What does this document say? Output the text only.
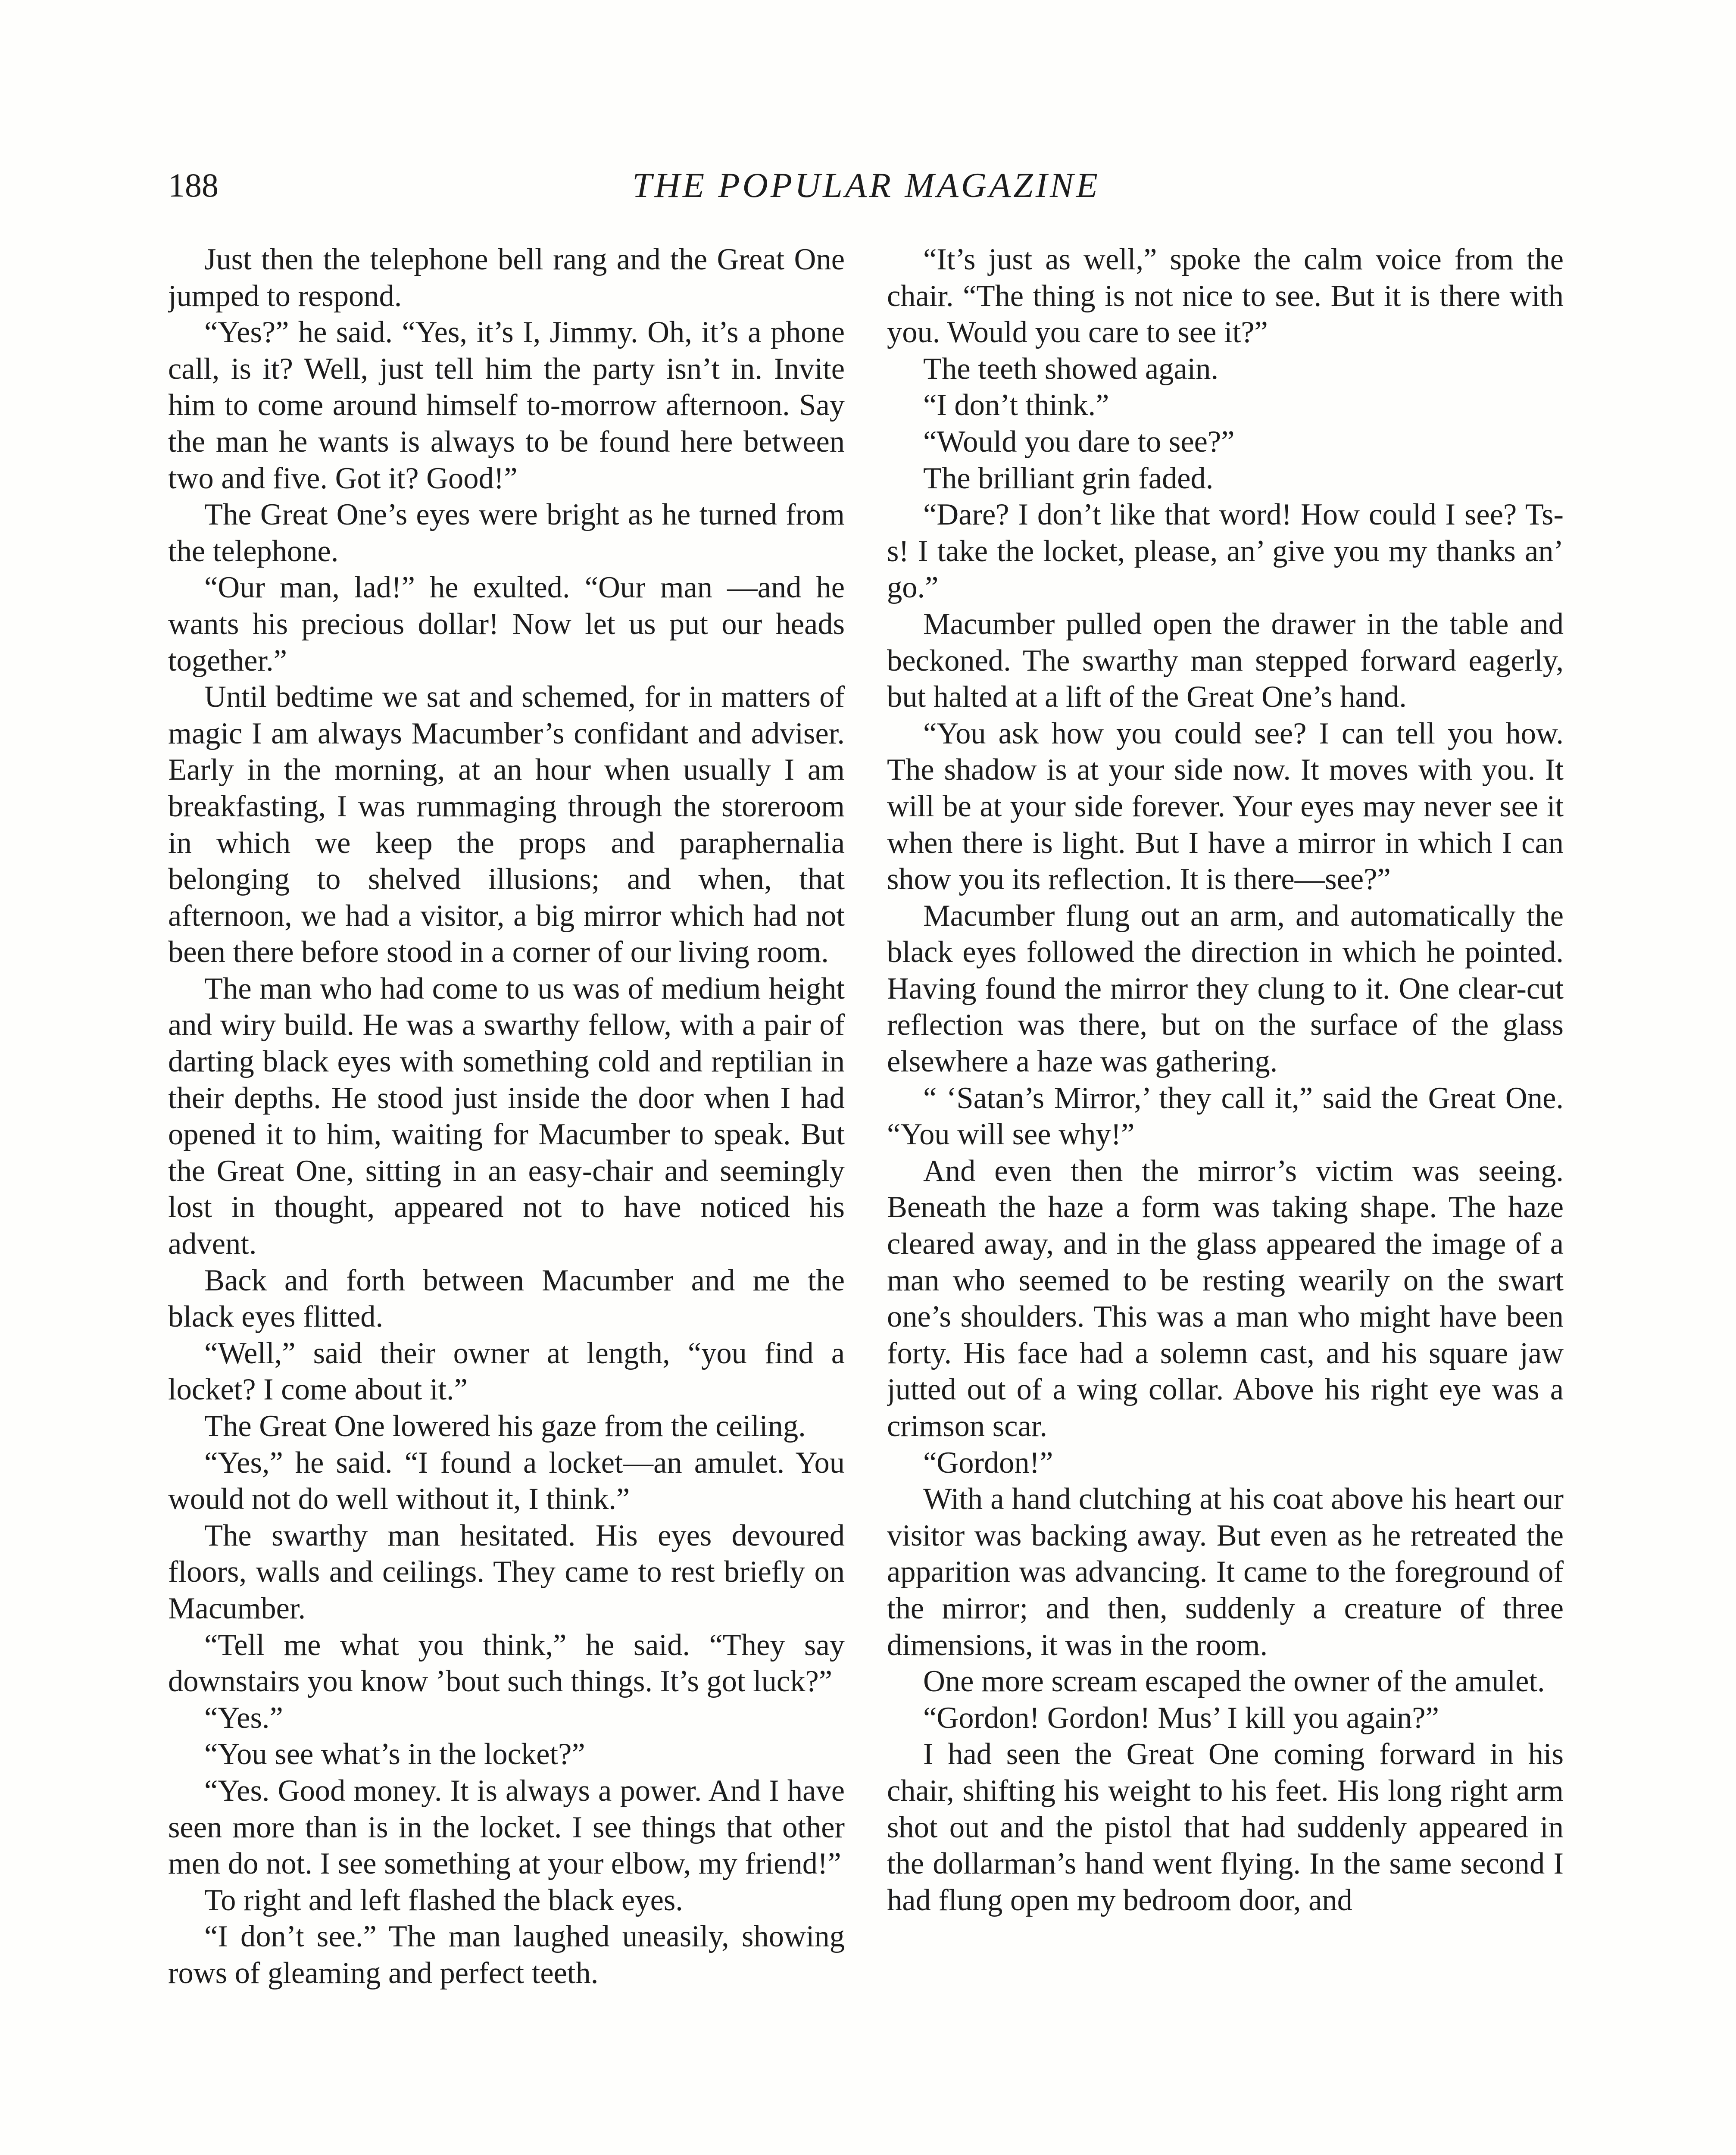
188	THE POPULAR MAGAZINE

Just then the telephone bell rang and the Great One jumped to respond.

“Yes?” he said. “Yes, it’s I, Jimmy. Oh, it’s a phone call, is it? Well, just tell him the party isn’t in. Invite him to come around himself to-morrow afternoon. Say the man he wants is always to be found here between two and five. Got it? Good!”

The Great One’s eyes were bright as he turned from the telephone.

“Our man, lad!” he exulted. “Our man —and he wants his precious dollar! Now let us put our heads together.”

Until bedtime we sat and schemed, for in matters of magic I am always Macumber’s confidant and adviser. Early in the morning, at an hour when usually I am breakfasting, I was rummaging through the storeroom in which we keep the props and paraphernalia belonging to shelved illusions; and when, that afternoon, we had a visitor, a big mirror which had not been there before stood in a corner of our living room.

The man who had come to us was of medium height and wiry build. He was a swarthy fellow, with a pair of darting black eyes with something cold and reptilian in their depths. He stood just inside the door when I had opened it to him, waiting for Macumber to speak. But the Great One, sitting in an easy-chair and seemingly lost in thought, appeared not to have noticed his advent.

Back and forth between Macumber and me the black eyes flitted.

“Well,” said their owner at length, “you find a locket? I come about it.”

The Great One lowered his gaze from the ceiling.

“Yes,” he said. “I found a locket—an amulet. You would not do well without it, I think.”

The swarthy man hesitated. His eyes devoured floors, walls and ceilings. They came to rest briefly on Macumber.

“Tell me what you think,” he said. “They say downstairs you know ’bout such things. It’s got luck?”

“Yes.”

“You see what’s in the locket?”

“Yes. Good money. It is always a power. And I have seen more than is in the locket. I see things that other men do not. I see something at your elbow, my friend!”

To right and left flashed the black eyes.

“I don’t see.” The man laughed uneasily, showing rows of gleaming and perfect teeth.

“It’s just as well,” spoke the calm voice from the chair. “The thing is not nice to see. But it is there with you. Would you care to see it?”

The teeth showed again.

“I don’t think.”

“Would you dare to see?”

The brilliant grin faded.

“Dare? I don’t like that word! How could I see? Ts-s! I take the locket, please, an’ give you my thanks an’ go.”

Macumber pulled open the drawer in the table and beckoned. The swarthy man stepped forward eagerly, but halted at a lift of the Great One’s hand.

“You ask how you could see? I can tell you how. The shadow is at your side now. It moves with you. It will be at your side forever. Your eyes may never see it when there is light. But I have a mirror in which I can show you its reflection. It is there—see?”

Macumber flung out an arm, and automatically the black eyes followed the direction in which he pointed. Having found the mirror they clung to it. One clear-cut reflection was there, but on the surface of the glass elsewhere a haze was gathering.

“ ‘Satan’s Mirror,’ they call it,” said the Great One. “You will see why!”

And even then the mirror’s victim was seeing. Beneath the haze a form was taking shape. The haze cleared away, and in the glass appeared the image of a man who seemed to be resting wearily on the swart one’s shoulders. This was a man who might have been forty. His face had a solemn cast, and his square jaw jutted out of a wing collar. Above his right eye was a crimson scar.

“Gordon!”

With a hand clutching at his coat above his heart our visitor was backing away. But even as he retreated the apparition was advancing. It came to the foreground of the mirror; and then, suddenly a creature of three dimensions, it was in the room.

One more scream escaped the owner of the amulet.

“Gordon! Gordon! Mus’ I kill you again?”

I had seen the Great One coming forward in his chair, shifting his weight to his feet. His long right arm shot out and the pistol that had suddenly appeared in the dollarman’s hand went flying. In the same second I had flung open my bedroom door, and
